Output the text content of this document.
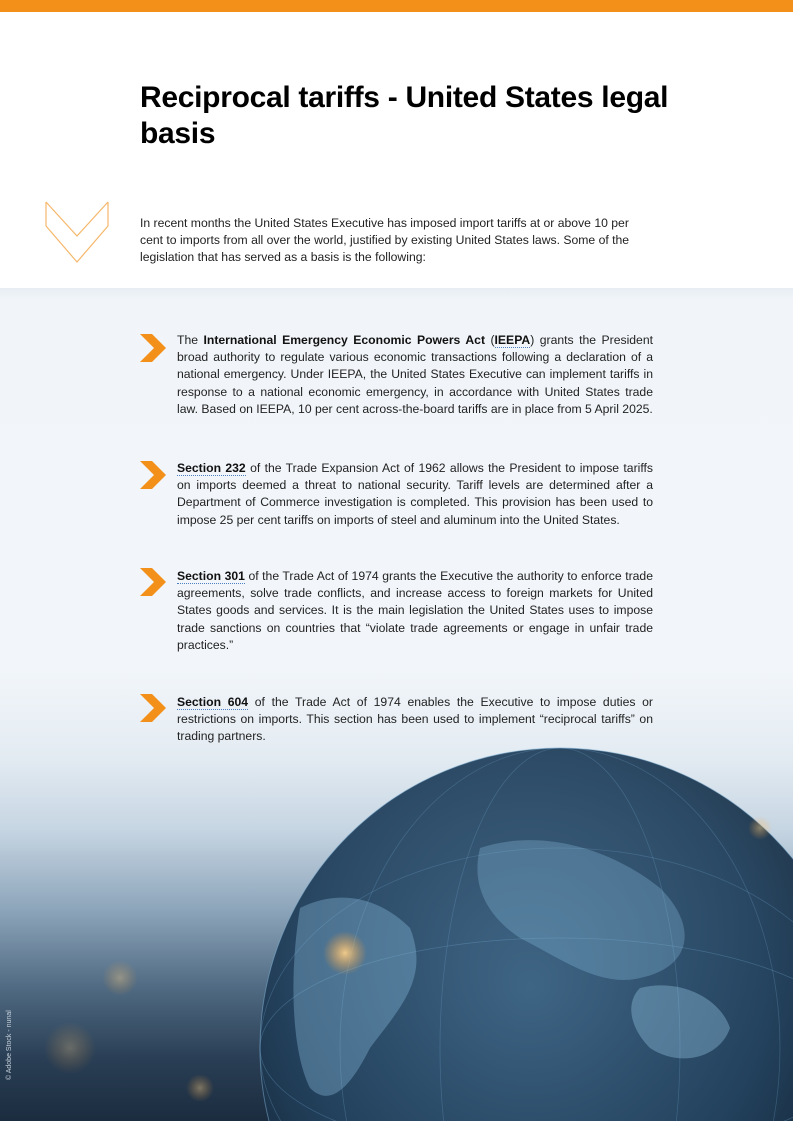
Reciprocal tariffs - United States legal basis

In recent months the United States Executive has imposed import tariffs at or above 10 per cent to imports from all over the world, justified by existing United States laws. Some of the legislation that has served as a basis is the following:

The International Emergency Economic Powers Act (IEEPA) grants the President broad authority to regulate various economic transactions following a declaration of a national emergency. Under IEEPA, the United States Executive can implement tariffs in response to a national economic emergency, in accordance with United States trade law. Based on IEEPA, 10 per cent across-the-board tariffs are in place from 5 April 2025.

Section 232 of the Trade Expansion Act of 1962 allows the President to impose tariffs on imports deemed a threat to national security. Tariff levels are determined after a Department of Commerce investigation is completed. This provision has been used to impose 25 per cent tariffs on imports of steel and aluminum into the United States.

Section 301 of the Trade Act of 1974 grants the Executive the authority to enforce trade agreements, solve trade conflicts, and increase access to foreign markets for United States goods and services. It is the main legislation the United States uses to impose trade sanctions on countries that “violate trade agreements or engage in unfair trade practices.”

Section 604 of the Trade Act of 1974 enables the Executive to impose duties or restrictions on imports. This section has been used to implement “reciprocal tariffs” on trading partners.

© Adobe Stock - nunal
